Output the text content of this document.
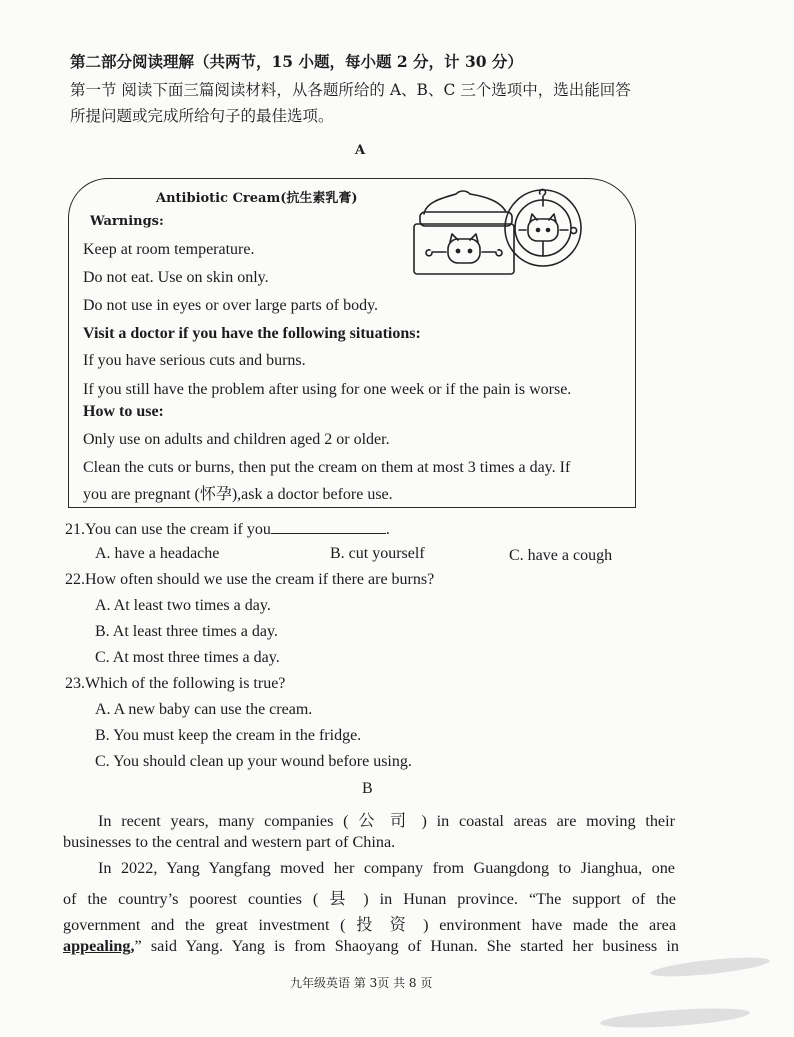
第二部分阅读理解（共两节，15 小题，每小题 2 分，计 30 分）
第一节 阅读下面三篇阅读材料，从各题所给的 A、B、C 三个选项中，选出能回答
所提问题或完成所给句子的最佳选项。
A
Antibiotic Cream(抗生素乳膏)
Warnings:
Keep at room temperature.
Do not eat. Use on skin only.
Do not use in eyes or over large parts of body.
Visit a doctor if you have the following situations:
If you have serious cuts and burns.
If you still have the problem after using for one week or if the pain is worse.
How to use:
Only use on adults and children aged 2 or older.
Clean the cuts or burns, then put the cream on them at most 3 times a day. If
you are pregnant (怀孕),ask a doctor before use.
21.You can use the cream if you	.
A. have a headache	B. cut yourself	C. have a cough
22.How often should we use the cream if there are burns?
A. At least two times a day.
B. At least three times a day.
C. At most three times a day.
23.Which of the following is true?
A. A new baby can use the cream.
B. You must keep the cream in the fridge.
C. You should clean up your wound before using.
B
In recent years, many companies ( 公 司 ) in coastal areas are moving their
businesses to the central and western part of China.
In 2022, Yang Yangfang moved her company from Guangdong to Jianghua, one
of the country’s poorest counties ( 县 ) in Hunan province. “The support of the
government and the great investment ( 投 资 ) environment have made the area
appealing,” said Yang. Yang is from Shaoyang of Hunan. She started her business in
九年级英语 第 3页 共 8 页
